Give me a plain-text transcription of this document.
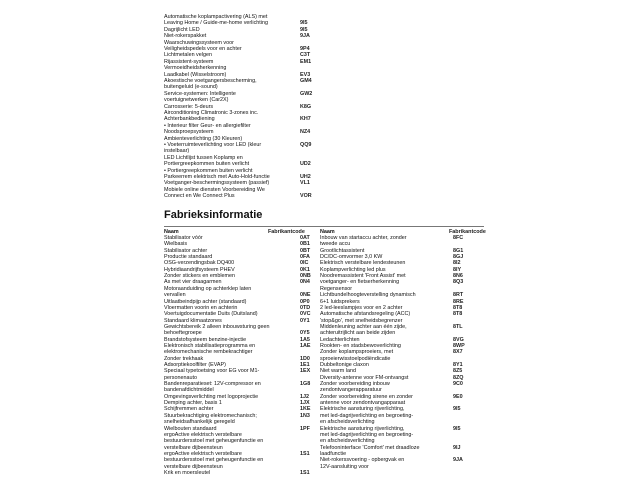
Fabrieksinformatie
Automatische koplampactivering (ALS) met
Leaving Home / Guide-me-home verlichting	9I5
Dagrijlicht LED	9I5
Niet-rokerspakket	9JA
Waarschuwingssysteem voor
Veiligheidspedels voor en achter	9P4
Lichtmetalen velgen	C3T
Rijassistent-systeem	EM1
Vermoeidheidsherkenning
Laadkabel (Wisselstroom)	EV3
Akoestische voetgangersbescherming,	GM4
buitengeluid (e-sound)
Service-systemen: Intelligente	GW2
voertuignetwerken (Car2X)
Carrosserie: 5-deurs	K8G
Airconditioning Climatronic 3-zones inc.
Achterbankbediening	KH7
• Interieur filter Geur- en allergiefilter
Noodsproepsysteem	NZ4
Ambienteverlichting (30 Kleuren)
• Voeterruimteverlichting voor LED (kleur	QQ9
instelbaar)
LED Lichtlijst tussen Koplamp en
Portiergreepkommen buiten verlicht	UD2
• Portiergreepkommen buiten verlicht
Parkeerrem elektrisch met Auto-Hold-functie	UH2
Voetganger-beschermingssysteem (passief)	VL1
Mobiele online diensten Voorbereiding We
Connect en We Connect Plus	VOR
Naam	Fabrikantcode	Naam	Fabrikantcode
Stabilisator vóór	0AT
Wielbasis	0B1
Stabilisator achter	0BT
Productie standaard	0FA
OSG-verzendingsbak DQ400	0IC
Hybridiaandrijfsysteem PHEV	0K1
Zonder stickers en emblemen	0NB
As met vier draagarmen	0N4
Motoraanduiding op achterklep laten
vervallen	0NE
Uitlaatbeindpijp achter (standaard)	0P0
Vloermatten voorin en achterin	0TD
Voertuigdocumentatie Duits (Duitsland)	0VC
Standaard klimaatzones	0Y1
Gewichtsbereik 2 alleen inbouwsturing geen
behoeftegroepe	0Y5
Brandstofsysteem benzine-injectie	1A5
Elektronisch stabilisatieprogramma en	1AE
elektromechanische rembekrachtiger
Zonder trekhaak	1D0
Adsorptiekoolfilter (EVAP)	1E1
Speciaal typetoetsing voor EG voor M1-	1EX
personenauto
Bandenreparatieset: 12V-compressor en	1G8
bandenafdichtmiddel
Omgevingsverlichting met logoprojectie	1J2
Demping achter, basis 1	1JX
Schijfremmen achter	1KE
Stuurbekrachtiging elektromechanisch;	1N3
snelheidsafhankelijk geregeld
Wielbouten standaard	1PF
ergoActive elektrisch verstelbare
bestuurdersstoel met geheugenfunctie en
verstelbare dijbeensteun
ergoActive elektrisch verstelbare	1S1
bestuurdersstoel met geheugenfunctie en
verstelbare dijbeensteun
Krik en moersleutel	1S1
Inbouw van startaccu achter, zonder	8FC
tweede accu
Grootlichtassistent	8G1
DC/DC-omvormer 3,0 KW	8GJ
Elektrisch verstelbare lendesteunen	8I2
Koplampverlichting led plus	8IY
Noodremassistent 'Front Assist' met	8N6
voetganger- en fietserherkenning	8Q3
Regensensor
Lichtbundelhoogteverstelling dynamisch	8RT
6+1 luidsprekers	8RE
2 led-leeslampjes voor en 2 achter	8T8
Automatische afstandsregeling (ACC)	8T8
'stop&go', met snelheidsbegrenzer
Middenleuning achter aan één zijde,	8TL
achteruitrijlicht aan beide zijden
Ledachterlichten	8VG
Rookten- en stadsbewoverlichting	8WP
Zonder koplampsproeiers, met	8X7
sproeierwisstoelpodiëndicatie
Dubbeltonige claxon	8Y1
Niet warm land	8Z5
Diversity-antenne voor FM-ontvangst	8ZQ
Zonder voorbereiding inbouw	9C0
zendontvangerapparatuur
Zonder voorbereiding sirene en zonder	9E0
antenne voor zendontvangapparaat
Elektrische aansturing rijverlichting,	9I5
met led-dagrijverlichting en begroeting-
en afscheidsverlichting
Elektrische aansturing rijverlichting,	9I5
met led-dagrijverlichting en begroeting-
en afscheidsverlichting
Telefooninterface 'Comfort' met draadloze	9IJ
laadfunctie
Niet-rokerssvoering - opbergvak en	9JA
12V-aansluiting voor
